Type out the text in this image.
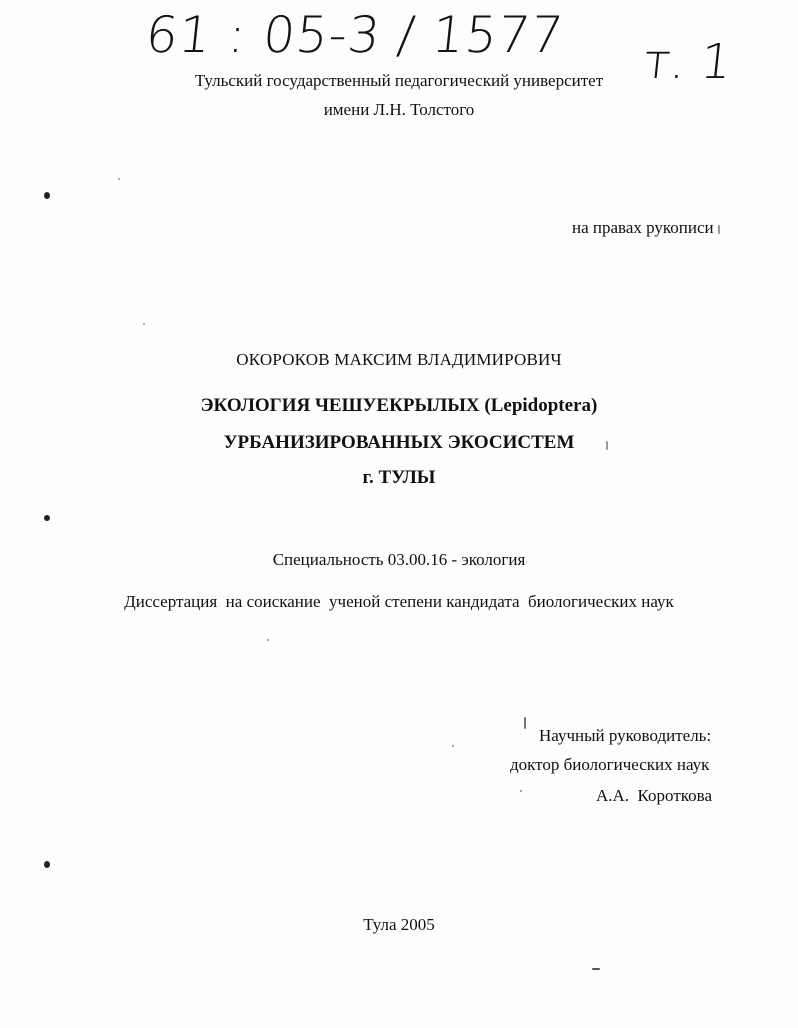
61 : 05-3 / 1577 т. 1
Тульский государственный педагогический университет
имени Л.Н. Толстого
на правах рукописи
ОКОРОКОВ МАКСИМ ВЛАДИМИРОВИЧ
ЭКОЛОГИЯ ЧЕШУЕКРЫЛЫХ (Lepidoptera)
УРБАНИЗИРОВАННЫХ ЭКОСИСТЕМ
г. ТУЛЫ
Специальность 03.00.16 - экология
Диссертация  на соискание  ученой степени кандидата  биологических наук
Научный руководитель:
доктор биологических наук
А.А.  Короткова
Тула 2005
